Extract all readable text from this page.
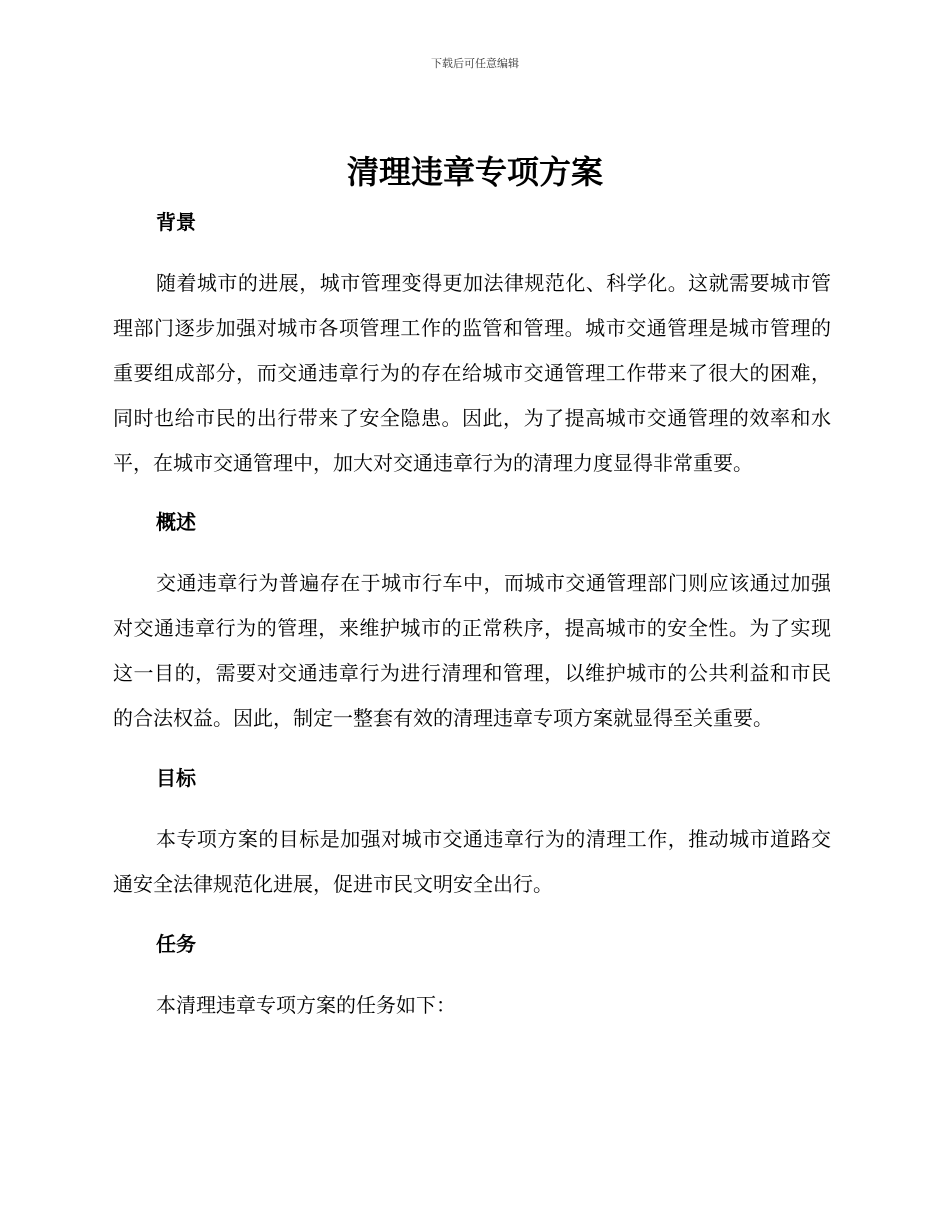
下载后可任意编辑
清理违章专项方案
背景

随着城市的进展，城市管理变得更加法律规范化、科学化。这就需要城市管理部门逐步加强对城市各项管理工作的监管和管理。城市交通管理是城市管理的重要组成部分，而交通违章行为的存在给城市交通管理工作带来了很大的困难，同时也给市民的出行带来了安全隐患。因此，为了提高城市交通管理的效率和水平，在城市交通管理中，加大对交通违章行为的清理力度显得非常重要。

概述

交通违章行为普遍存在于城市行车中，而城市交通管理部门则应该通过加强对交通违章行为的管理，来维护城市的正常秩序，提高城市的安全性。为了实现这一目的，需要对交通违章行为进行清理和管理，以维护城市的公共利益和市民的合法权益。因此，制定一整套有效的清理违章专项方案就显得至关重要。

目标

本专项方案的目标是加强对城市交通违章行为的清理工作，推动城市道路交通安全法律规范化进展，促进市民文明安全出行。

任务

本清理违章专项方案的任务如下：
